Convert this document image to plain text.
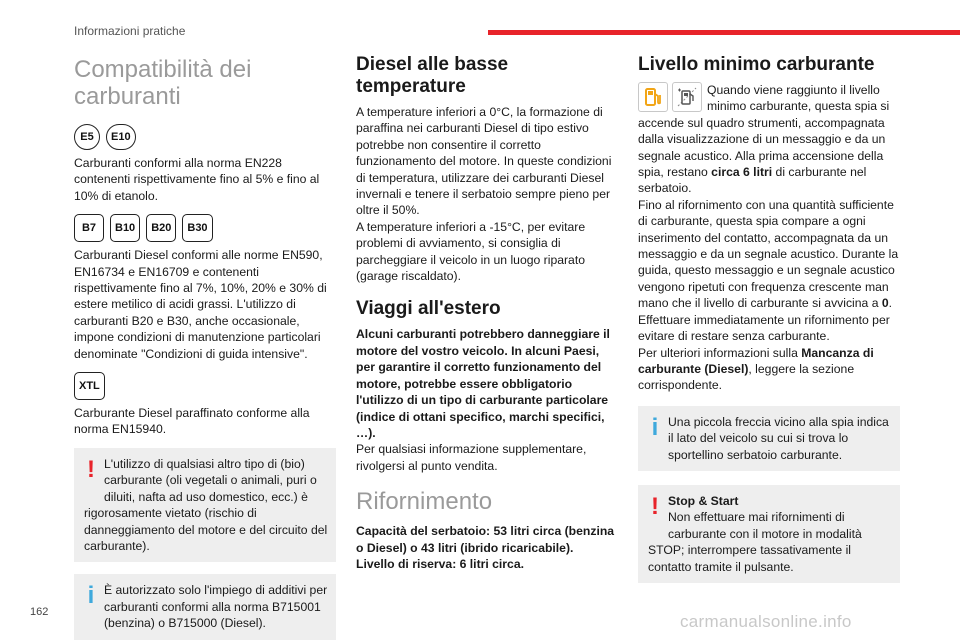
Informazioni pratiche
Compatibilità dei carburanti
E5	E10

Carburanti conformi alla norma EN228 contenenti rispettivamente fino al 5% e fino al 10% di etanolo.

B7	B10	B20	B30

Carburanti Diesel conformi alle norme EN590, EN16734 e EN16709 e contenenti rispettivamente fino al 7%, 10%, 20% e 30% di estere metilico di acidi grassi. L'utilizzo di carburanti B20 e B30, anche occasionale, impone condizioni di manutenzione particolari denominate "Condizioni di guida intensive".

XTL

Carburante Diesel paraffinato conforme alla norma EN15940.

! L'utilizzo di qualsiasi altro tipo di (bio) carburante (oli vegetali o animali, puri o diluiti, nafta ad uso domestico, ecc.) è rigorosamente vietato (rischio di danneggiamento del motore e del circuito del carburante).
i È autorizzato solo l'impiego di additivi per carburanti conformi alla norma B715001 (benzina) o B715000 (Diesel).
Diesel alle basse temperature

A temperature inferiori a 0°C, la formazione di paraffina nei carburanti Diesel di tipo estivo potrebbe non consentire il corretto funzionamento del motore. In queste condizioni di temperatura, utilizzare dei carburanti Diesel invernali e tenere il serbatoio sempre pieno per oltre il 50%.

A temperature inferiori a -15°C, per evitare problemi di avviamento, si consiglia di parcheggiare il veicolo in un luogo riparato (garage riscaldato).

Viaggi all'estero

Alcuni carburanti potrebbero danneggiare il motore del vostro veicolo. In alcuni Paesi, per garantire il corretto funzionamento del motore, potrebbe essere obbligatorio l'utilizzo di un tipo di carburante particolare (indice di ottani specifico, marchi specifici, …).

Per qualsiasi informazione supplementare, rivolgersi al punto vendita.

Rifornimento

Capacità del serbatoio: 53 litri circa (benzina o Diesel) o 43 litri (ibrido ricaricabile).

Livello di riserva: 6 litri circa.

Livello minimo carburante
Quando viene raggiunto il livello minimo carburante, questa spia si accende sul quadro strumenti, accompagnata dalla visualizzazione di un messaggio e da un segnale acustico. Alla prima accensione della spia, restano circa 6 litri di carburante nel serbatoio.

Fino al rifornimento con una quantità sufficiente di carburante, questa spia compare a ogni inserimento del contatto, accompagnata da un messaggio e da un segnale acustico. Durante la guida, questo messaggio e un segnale acustico vengono ripetuti con frequenza crescente man mano che il livello di carburante si avvicina a 0.

Effettuare immediatamente un rifornimento per evitare di restare senza carburante.

Per ulteriori informazioni sulla Mancanza di carburante (Diesel), leggere la sezione corrispondente.

i Una piccola freccia vicino alla spia indica il lato del veicolo su cui si trova lo sportellino serbatoio carburante.
! Stop & Start
Non effettuare mai rifornimenti di carburante con il motore in modalità STOP; interrompere tassativamente il contatto tramite il pulsante.
162	carmanualsonline.info
